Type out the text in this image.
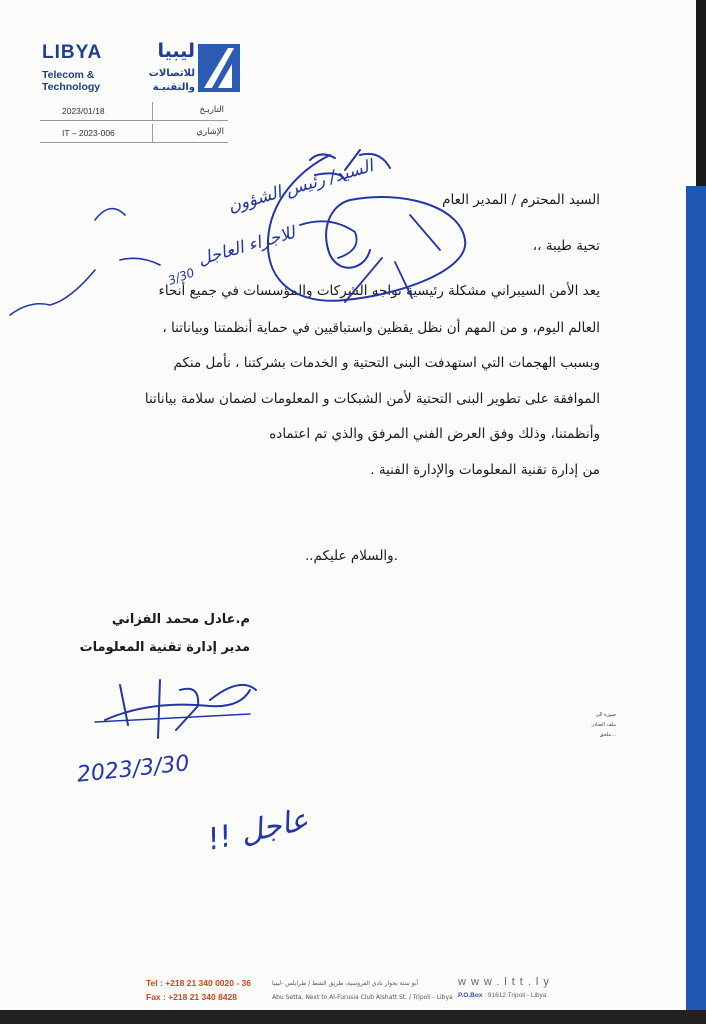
LIBYA
Telecom &
Technology
ليبيا
للاتصالات
والتقنيـة
2023/01/18	التاريـخ
IT – 2023-006	الإشاري
السيد المحترم / المدير العام
تحية طيبة ،،
يعد الأمن السيبراني مشكلة رئيسية تواجه الشركات والمؤسسات في جميع أنحاء
العالم اليوم، و من المهم أن نظل يقظين واستباقيين في حماية أنظمتنا وبياناتنا ،
وبسبب الهجمات التي استهدفت البنى التحتية و الخدمات بشركتنا ، نأمل منكم
الموافقة على تطوير البنى التحتية لأمن الشبكات و المعلومات لضمان سلامة بياناتنا
وأنظمتنا، وذلك وفق العرض الفني المرفق والذي تم اعتماده
من إدارة تقنية المعلومات والإدارة الفنية .
.والسلام عليكم..
م.عادل محمد الفزاني
مدير إدارة تقنية المعلومات
السيد/ رئيس الشؤون
للاجراء العاجل
3/30
2023/3/30
عاجل !!
صورة الى
ملف الصادر
...ملحق
Tel : +218 21 340 0020 - 36
Fax : +218 21 340 8428
أبو ستة بجوار نادي الفروسية، طريق الشط / طرابلس -ليبيا
Abu Setta, Next to Al-Furusia Club Alshatt St. / Tripoli - Libya
www.ltt.ly
P.O.Box : 91612 Tripoli - Libya
